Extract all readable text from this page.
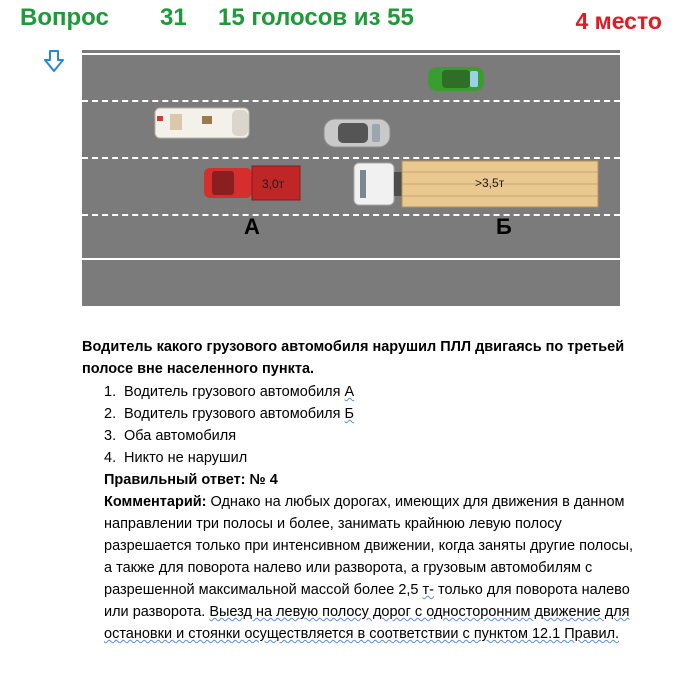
Вопрос 31 15 голосов из 55	4 место
3,0т	>3,5т
А	Б
Водитель какого грузового автомобиля нарушил ПЛЛ двигаясь по третьей полосе вне населенного пункта.
1. Водитель грузового автомобиля А
2. Водитель грузового автомобиля Б
3. Оба автомобиля
4. Никто не нарушил
Правильный ответ: № 4
Комментарий: Однако на любых дорогах, имеющих для движения в данном направлении три полосы и более, занимать крайнюю левую полосу разрешается только при интенсивном движении, когда заняты другие полосы, а также для поворота налево или разворота, а грузовым автомобилям с разрешенной максимальной массой более 2,5 т- только для поворота налево или разворота. Выезд на левую полосу дорог с односторонним движение для остановки и стоянки осуществляется в соответствии с пунктом 12.1 Правил.
